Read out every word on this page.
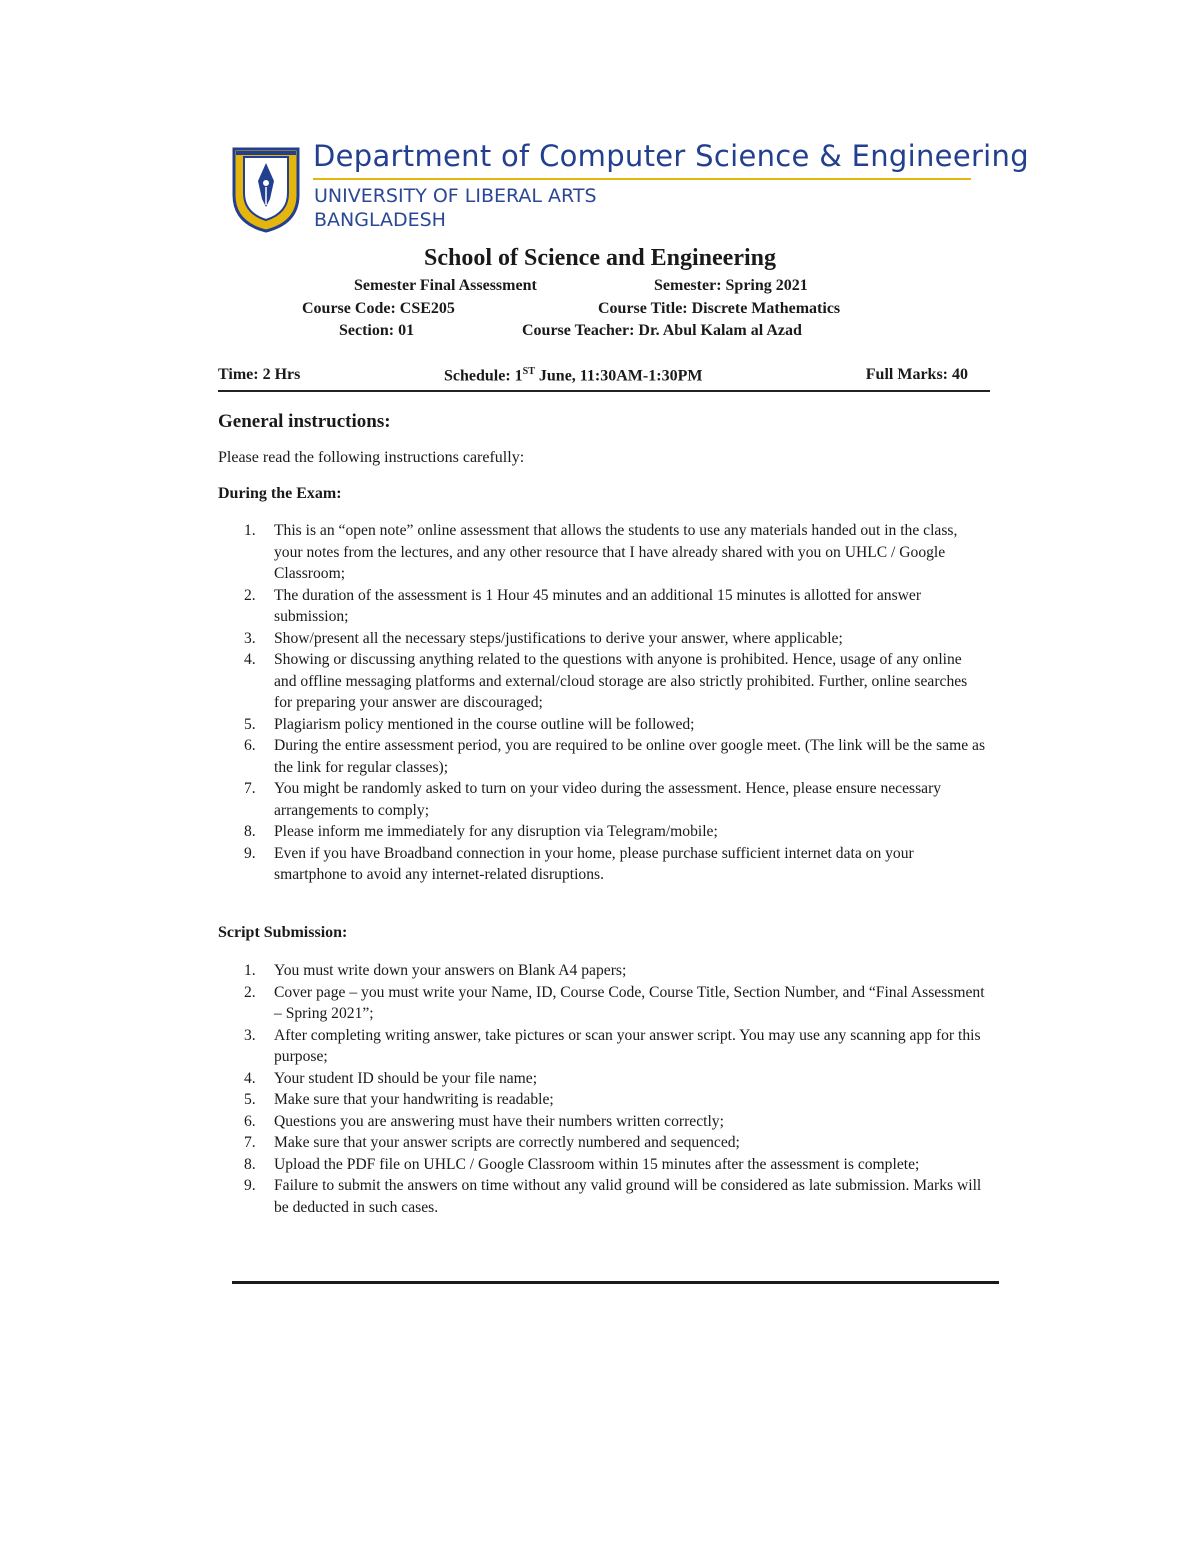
Department of Computer Science & Engineering
UNIVERSITY OF LIBERAL ARTS
BANGLADESH
School of Science and Engineering
Semester Final Assessment	Semester: Spring 2021
Course Code: CSE205	Course Title: Discrete Mathematics
Section: 01	Course Teacher: Dr. Abul Kalam al Azad
Time: 2 Hrs	Schedule: 1ST June, 11:30AM-1:30PM	Full Marks: 40
General instructions:
Please read the following instructions carefully:
During the Exam:
1. This is an “open note” online assessment that allows the students to use any materials handed out in the class, your notes from the lectures, and any other resource that I have already shared with you on UHLC / Google Classroom;
2. The duration of the assessment is 1 Hour 45 minutes and an additional 15 minutes is allotted for answer submission;
3. Show/present all the necessary steps/justifications to derive your answer, where applicable;
4. Showing or discussing anything related to the questions with anyone is prohibited. Hence, usage of any online and offline messaging platforms and external/cloud storage are also strictly prohibited. Further, online searches for preparing your answer are discouraged;
5. Plagiarism policy mentioned in the course outline will be followed;
6. During the entire assessment period, you are required to be online over google meet. (The link will be the same as the link for regular classes);
7. You might be randomly asked to turn on your video during the assessment. Hence, please ensure necessary arrangements to comply;
8. Please inform me immediately for any disruption via Telegram/mobile;
9. Even if you have Broadband connection in your home, please purchase sufficient internet data on your smartphone to avoid any internet-related disruptions.
Script Submission:
1. You must write down your answers on Blank A4 papers;
2. Cover page – you must write your Name, ID, Course Code, Course Title, Section Number, and “Final Assessment – Spring 2021”;
3. After completing writing answer, take pictures or scan your answer script. You may use any scanning app for this purpose;
4. Your student ID should be your file name;
5. Make sure that your handwriting is readable;
6. Questions you are answering must have their numbers written correctly;
7. Make sure that your answer scripts are correctly numbered and sequenced;
8. Upload the PDF file on UHLC / Google Classroom within 15 minutes after the assessment is complete;
9. Failure to submit the answers on time without any valid ground will be considered as late submission. Marks will be deducted in such cases.
